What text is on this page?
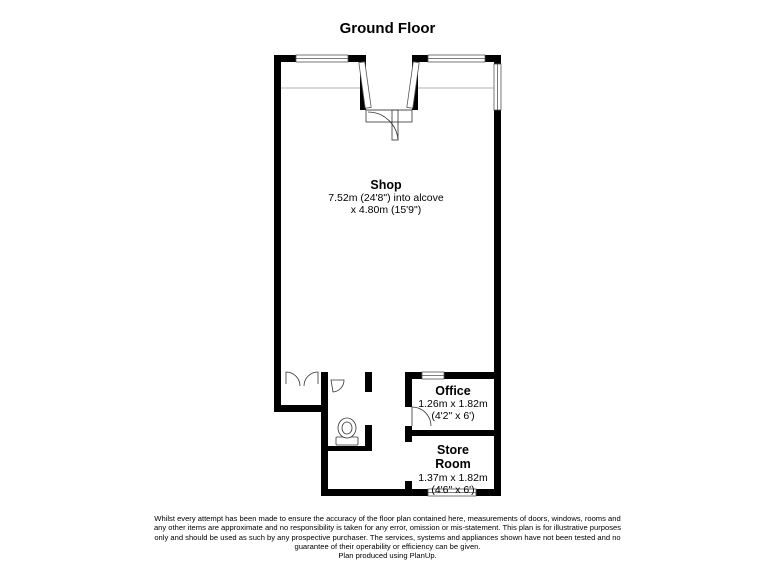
Ground Floor
Shop
7.52m (24'8") into alcove
x 4.80m (15'9")
Office
1.26m x 1.82m
(4'2" x 6')
Store
Room
1.37m x 1.82m
(4'6" x 6')
Whilst every attempt has been made to ensure the accuracy of the floor plan contained here, measurements of doors, windows, rooms and
any other items are approximate and no responsibility is taken for any error, omission or mis-statement. This plan is for illustrative purposes
only and should be used as such by any prospective purchaser. The services, systems and appliances shown have not been tested and no
guarantee of their operability or efficiency can be given.
Plan produced using PlanUp.
